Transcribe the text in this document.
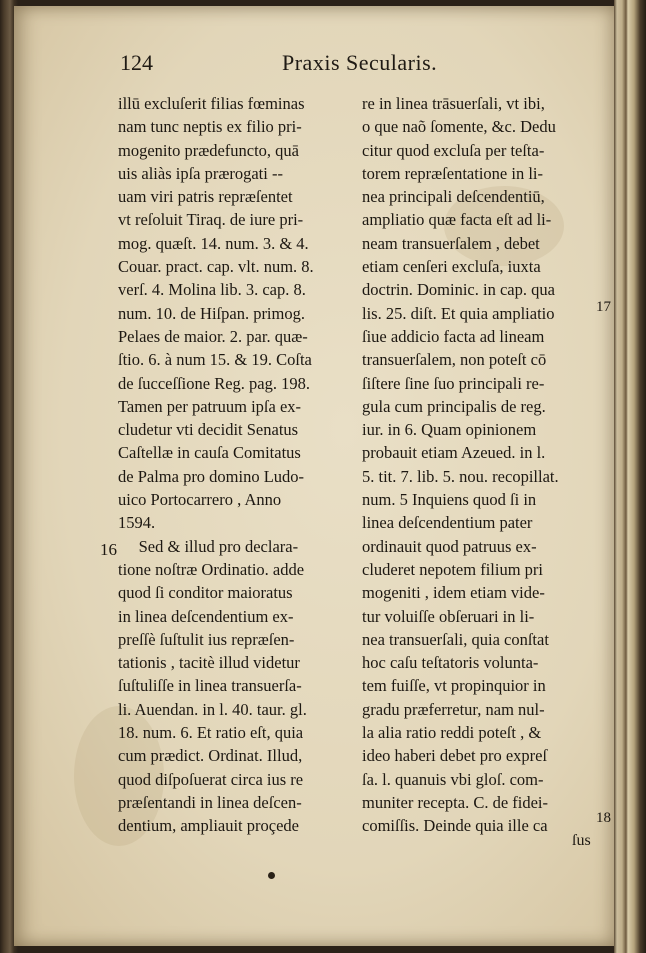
124	Praxis Secularis.
illū excluſerit filias fœminas
nam tunc neptis ex filio pri-
mogenito prædefuncto, quā
uis aliàs ipſa prærogati --
uam viri patris repræſentet
vt reſoluit Tiraq. de iure pri-
mog. quæſt. 14. num. 3. & 4.
Couar. pract. cap. vlt. num. 8.
verſ. 4. Molina lib. 3. cap. 8.
num. 10. de Hiſpan. primog.
Pelaes de maior. 2. par. quæ-
ſtio. 6. à num 15. & 19. Coſta
de ſucceſſione Reg. pag. 198.
Tamen per patruum ipſa ex-
cludetur vti decidit Senatus
Caſtellæ in cauſa Comitatus
de Palma pro domino Ludo-
uico Portocarrero , Anno
1594.
Sed & illud pro declara-
tione noſtræ Ordinatio. adde
quod ſi conditor maioratus
in linea deſcendentium ex-
preſſè ſuſtulit ius repræſen-
tationis , tacitè illud videtur
ſuſtuliſſe in linea transuerſa-
li. Auendan. in l. 40. taur. gl.
18. num. 6. Et ratio eſt, quia
cum prædict. Ordinat. Illud,
quod diſpoſuerat circa ius re
præſentandi in linea deſcen-
dentium, ampliauit proçede
re in linea trāsuerſali, vt ibi,
o que naõ ſomente, &c. Dedu
citur quod excluſa per teſta-
torem repræſentatione in li-
nea principali deſcendentiū,
ampliatio quæ facta eſt ad li-
neam transuerſalem , debet
etiam cenſeri excluſa, iuxta
doctrin. Dominic. in cap. qua
lis. 25. diſt. Et quia ampliatio
ſiue addicio facta ad lineam
transuerſalem, non poteſt cō
ſiſtere ſine ſuo principali re-
gula cum principalis de reg.
iur. in 6. Quam opinionem
probauit etiam Azeued. in l.
5. tit. 7. lib. 5. nou. recopillat.
num. 5 Inquiens quod ſi in
linea deſcendentium pater
ordinauit quod patruus ex-
cluderet nepotem filium pri
mogeniti , idem etiam vide-
tur voluiſſe obſeruari in li-
nea transuerſali, quia conſtat
hoc caſu teſtatoris volunta-
tem fuiſſe, vt propinquior in
gradu præferretur, nam nul-
la alia ratio reddi poteſt , &
ideo haberi debet pro expreſ
ſa. l. quanuis vbi gloſ. com-
muniter recepta. C. de fidei-
comiſſis. Deinde quia ille ca
16
17
18
ſus
